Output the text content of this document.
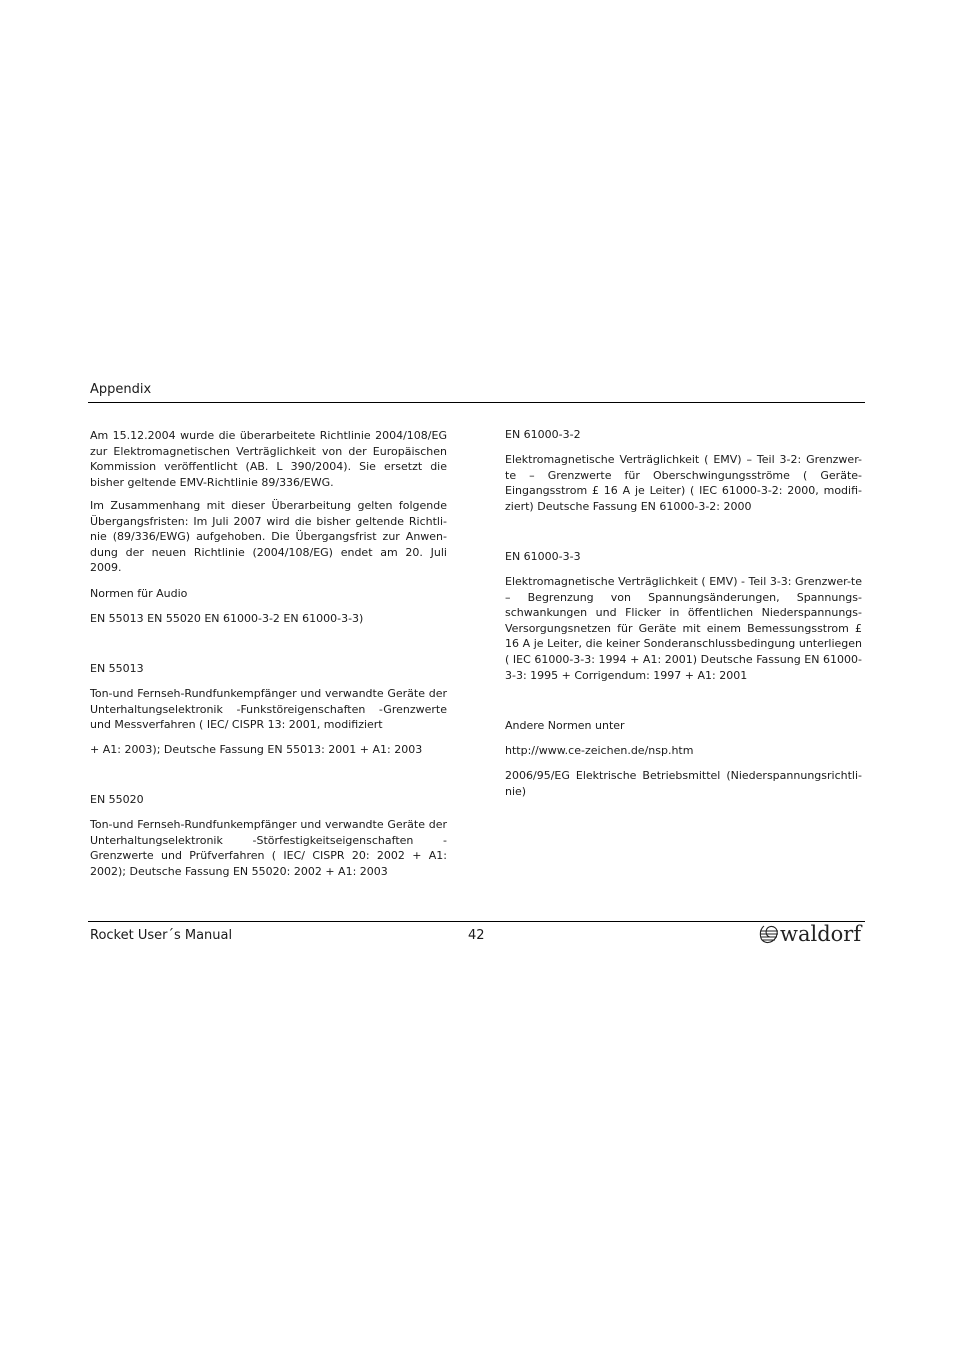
Appendix

Am 15.12.2004 wurde die überarbeitete Richtlinie 2004/108/EG zur Elektromagnetischen Verträglichkeit von der Europäischen Kommission veröffentlicht (AB. L 390/2004). Sie ersetzt die bisher geltende EMV-Richtlinie 89/336/EWG.

Im Zusammenhang mit dieser Überarbeitung gelten folgende Übergangsfristen: Im Juli 2007 wird die bisher geltende Richtli-nie (89/336/EWG) aufgehoben. Die Übergangsfrist zur Anwen-dung der neuen Richtlinie (2004/108/EG) endet am 20. Juli 2009.

Normen für Audio

EN 55013 EN 55020 EN 61000-3-2 EN 61000-3-3)

EN 55013

Ton-und Fernseh-Rundfunkempfänger und verwandte Geräte der Unterhaltungselektronik -Funkstöreigenschaften -Grenzwerte und Messverfahren ( IEC/ CISPR 13: 2001, modifiziert

+ A1: 2003); Deutsche Fassung EN 55013: 2001 + A1: 2003

EN 55020

Ton-und Fernseh-Rundfunkempfänger und verwandte Geräte der Unterhaltungselektronik -Störfestigkeitseigenschaften -Grenzwerte und Prüfverfahren ( IEC/ CISPR 20: 2002 + A1: 2002); Deutsche Fassung EN 55020: 2002 + A1: 2003

EN 61000-3-2

Elektromagnetische Verträglichkeit ( EMV) – Teil 3-2: Grenzwer-te – Grenzwerte für Oberschwingungsströme ( Geräte-Eingangsstrom £ 16 A je Leiter) ( IEC 61000-3-2: 2000, modifi-ziert) Deutsche Fassung EN 61000-3-2: 2000

EN 61000-3-3

Elektromagnetische Verträglichkeit ( EMV) - Teil 3-3: Grenzwer-te – Begrenzung von Spannungsänderungen, Spannungs-schwankungen und Flicker in öffentlichen Niederspannungs-Versorgungsnetzen für Geräte mit einem Bemessungsstrom £ 16 A je Leiter, die keiner Sonderanschlussbedingung unterliegen ( IEC 61000-3-3: 1994 + A1: 2001) Deutsche Fassung EN 61000-3-3: 1995 + Corrigendum: 1997 + A1: 2001

Andere Normen unter

http://www.ce-zeichen.de/nsp.htm

2006/95/EG Elektrische Betriebsmittel (Niederspannungsrichtli-nie)

Rocket User´s Manual	42	waldorf
